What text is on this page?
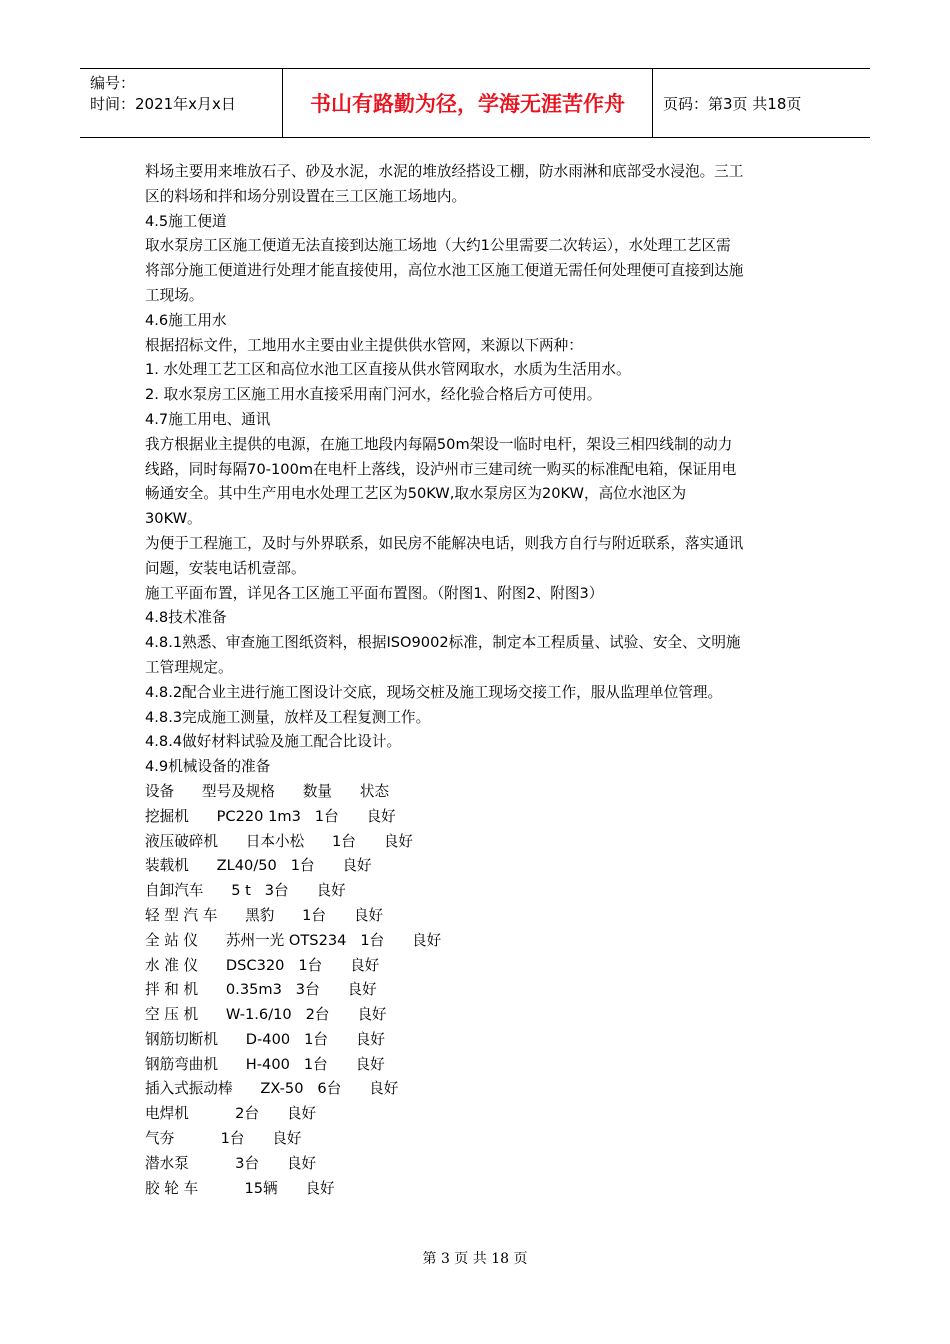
编号：
时间：2021年x月x日	书山有路勤为径，学海无涯苦作舟	页码：第3页 共18页
料场主要用来堆放石子、砂及水泥，水泥的堆放经搭设工棚，防水雨淋和底部受水浸泡。三工
区的料场和拌和场分别设置在三工区施工场地内。
4.5施工便道
取水泵房工区施工便道无法直接到达施工场地（大约1公里需要二次转运），水处理工艺区需
将部分施工便道进行处理才能直接使用，高位水池工区施工便道无需任何处理便可直接到达施
工现场。
4.6施工用水
根据招标文件，工地用水主要由业主提供供水管网，来源以下两种：
1. 水处理工艺工区和高位水池工区直接从供水管网取水，水质为生活用水。
2. 取水泵房工区施工用水直接采用南门河水，经化验合格后方可使用。
4.7施工用电、通讯
我方根据业主提供的电源，在施工地段内每隔50m架设一临时电杆，架设三相四线制的动力
线路，同时每隔70-100m在电杆上落线，设泸州市三建司统一购买的标准配电箱，保证用电
畅通安全。其中生产用电水处理工艺区为50KW,取水泵房区为20KW，高位水池区为
30KW。
为便于工程施工，及时与外界联系，如民房不能解决电话，则我方自行与附近联系，落实通讯
问题，安装电话机壹部。
施工平面布置，详见各工区施工平面布置图。（附图1、附图2、附图3）
4.8技术准备
4.8.1熟悉、审查施工图纸资料，根据ISO9002标准，制定本工程质量、试验、安全、文明施
工管理规定。
4.8.2配合业主进行施工图设计交底，现场交桩及施工现场交接工作，服从监理单位管理。
4.8.3完成施工测量，放样及工程复测工作。
4.8.4做好材料试验及施工配合比设计。
4.9机械设备的准备
设备      型号及规格      数量      状态
挖掘机      PC220 1m3   1台      良好
液压破碎机      日本小松      1台      良好
装载机      ZL40/50   1台      良好
自卸汽车      5 t   3台      良好
轻 型 汽 车      黑豹      1台      良好
全 站 仪      苏州一光 OTS234   1台      良好
水 准 仪      DSC320   1台      良好
拌 和 机      0.35m3   3台      良好
空 压 机      W-1.6/10   2台      良好
钢筋切断机      D-400   1台      良好
钢筋弯曲机      H-400   1台      良好
插入式振动棒      ZX-50   6台      良好
电焊机          2台      良好
气夯          1台      良好
潜水泵          3台      良好
胶 轮 车          15辆      良好
第 3 页 共 18 页
